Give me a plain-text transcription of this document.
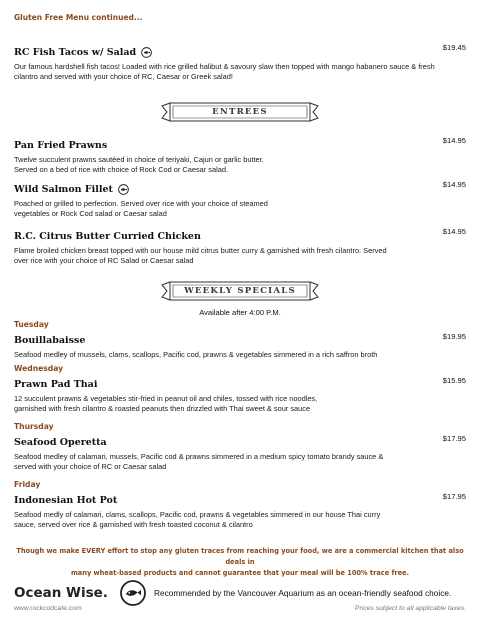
Gluten Free Menu continued...
RC Fish Tacos w/ Salad	$19.45
Our famous hardshell fish tacos! Loaded with rice grilled halibut & savoury slaw then topped with mango habanero sauce & fresh cilantro and served with your choice of RC, Caesar or Greek salad!
ENTREES
Pan Fried Prawns	$14.95
Twelve succulent prawns sautéed in choice of teriyaki, Cajun or garlic butter.
Served on a bed of rice with choice of Rock Cod or Caesar salad.
Wild Salmon Fillet	$14.95
Poached or grilled to perfection. Served over rice with your choice of steamed
vegetables or Rock Cod salad or Caesar salad
R.C. Citrus Butter Curried Chicken	$14.95
Flame broiled chicken breast topped with our house mild citrus butter curry & garnished with fresh cilantro. Served
over rice with your choice of RC Salad or Caesar salad
WEEKLY SPECIALS
Available after 4:00 P.M.
Tuesday
Bouillabaisse	$19.95
Seafood medley of mussels, clams, scallops, Pacific cod, prawns & vegetables simmered in a rich saffron broth
Wednesday
Prawn Pad Thai	$15.95
12 succulent prawns & vegetables stir-fried in peanut oil and chiles, tossed with rice noodles,
garnished with fresh cilantro & roasted peanuts then drizzled with Thai sweet & sour sauce
Thursday
Seafood Operetta	$17.95
Seafood medley of calamari, mussels, Pacific cod & prawns simmered in a medium spicy tomato brandy sauce &
served with your choice of RC or Caesar salad
Friday
Indonesian Hot Pot	$17.95
Seafood medly of calamari, clams, scallops, Pacific cod, prawns & vegetables simmered in our house Thai curry
sauce, served over rice & garnished with fresh toasted coconut & cilantro
Though we make EVERY effort to stop any gluten traces from reaching your food, we are a commercial kitchen that also deals in
many wheat-based products and cannot guarantee that your meal will be 100% trace free.
Ocean Wise.	Recommended by the Vancouver Aquarium as an ocean-friendly seafood choice.
www.rockcodcafe.com	Prices subject to all applicable taxes.
